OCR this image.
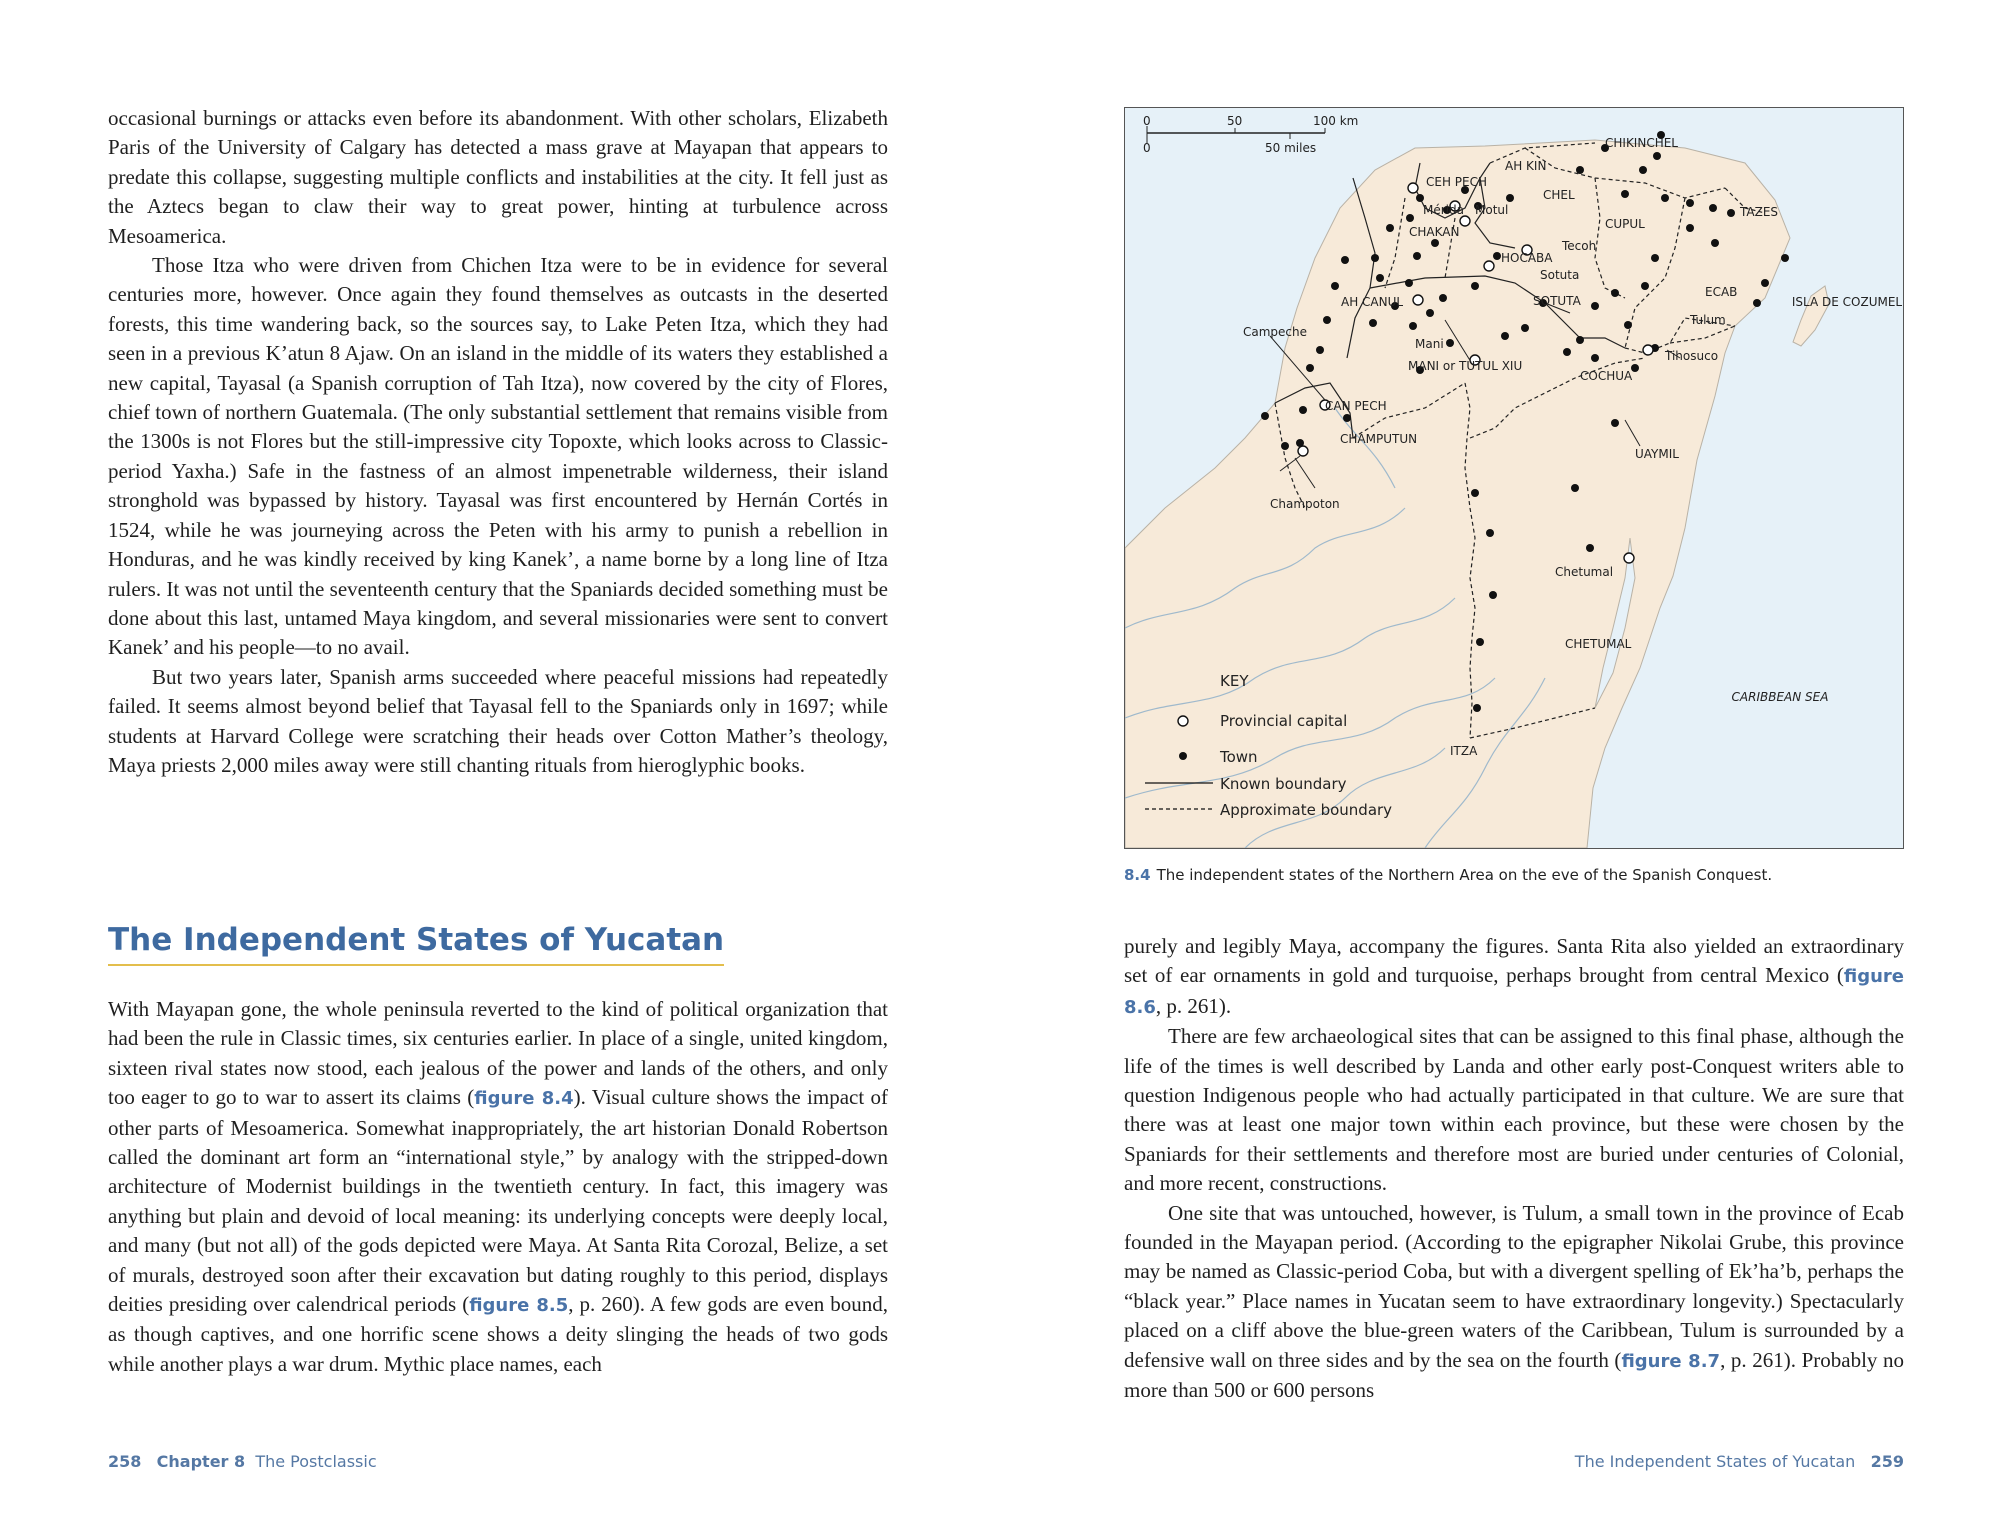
occasional burnings or attacks even before its abandonment. With other scholars, Elizabeth Paris of the University of Calgary has detected a mass grave at Mayapan that appears to predate this collapse, suggesting multiple conflicts and instabilities at the city. It fell just as the Aztecs began to claw their way to great power, hinting at turbulence across Mesoamerica.

Those Itza who were driven from Chichen Itza were to be in evidence for several centuries more, however. Once again they found themselves as outcasts in the deserted forests, this time wandering back, so the sources say, to Lake Peten Itza, which they had seen in a previous K’atun 8 Ajaw. On an island in the middle of its waters they established a new capital, Tayasal (a Spanish corruption of Tah Itza), now covered by the city of Flores, chief town of northern Guatemala. (The only substantial settlement that remains visible from the 1300s is not Flores but the still-impressive city Topoxte, which looks across to Classic-period Yaxha.) Safe in the fastness of an almost impenetrable wilderness, their island stronghold was bypassed by history. Tayasal was first encountered by Hernán Cortés in 1524, while he was journeying across the Peten with his army to punish a rebellion in Honduras, and he was kindly received by king Kanek’, a name borne by a long line of Itza rulers. It was not until the seventeenth century that the Spaniards decided something must be done about this last, untamed Maya kingdom, and several missionaries were sent to convert Kanek’ and his people—to no avail.

But two years later, Spanish arms succeeded where peaceful missions had repeatedly failed. It seems almost beyond belief that Tayasal fell to the Spaniards only in 1697; while students at Harvard College were scratching their heads over Cotton Mather’s theology, Maya priests 2,000 miles away were still chanting rituals from hieroglyphic books.

The Independent States of Yucatan

With Mayapan gone, the whole peninsula reverted to the kind of political organization that had been the rule in Classic times, six centuries earlier. In place of a single, united kingdom, sixteen rival states now stood, each jealous of the power and lands of the others, and only too eager to go to war to assert its claims (figure 8.4). Visual culture shows the impact of other parts of Mesoamerica. Somewhat inappropriately, the art historian Donald Robertson called the dominant art form an “international style,” by analogy with the stripped-down architecture of Modernist buildings in the twentieth century. In fact, this imagery was anything but plain and devoid of local meaning: its underlying concepts were deeply local, and many (but not all) of the gods depicted were Maya. At Santa Rita Corozal, Belize, a set of murals, destroyed soon after their excavation but dating roughly to this period, displays deities presiding over calendrical periods (figure 8.5, p. 260). A few gods are even bound, as though captives, and one horrific scene shows a deity slinging the heads of two gods while another plays a war drum. Mythic place names, each

258 Chapter 8 The Postclassic
0	50	100 km
0	50 miles	CHIKINCHEL
AH KIN
CEH PECH
CHEL
CHAKAN
HOCABA
CUPUL
TAZES
ECAB
AH CANUL	SOTUTA
MANI or TUTUL XIU
COCHUA
CAN PECH
CHAMPUTUN
UAYMIL
CHETUMAL
ITZA
Mérida Motul
Tecoh
Sotuta
Mani
Tulum
Tihosuco
Campeche
Champoton
Chetumal
ISLA DE COZUMEL
CARIBBEAN SEA
KEY
Provincial capital
Town
Known boundary
Approximate boundary
8.4 The independent states of the Northern Area on the eve of the Spanish Conquest.

purely and legibly Maya, accompany the figures. Santa Rita also yielded an extraordinary set of ear ornaments in gold and turquoise, perhaps brought from central Mexico (figure 8.6, p. 261).

There are few archaeological sites that can be assigned to this final phase, although the life of the times is well described by Landa and other early post-Conquest writers able to question Indigenous people who had actually participated in that culture. We are sure that there was at least one major town within each province, but these were chosen by the Spaniards for their settlements and therefore most are buried under centuries of Colonial, and more recent, constructions.

One site that was untouched, however, is Tulum, a small town in the province of Ecab founded in the Mayapan period. (According to the epigrapher Nikolai Grube, this province may be named as Classic-period Coba, but with a divergent spelling of Ek’ha’b, perhaps the “black year.” Place names in Yucatan seem to have extraordinary longevity.) Spectacularly placed on a cliff above the blue-green waters of the Caribbean, Tulum is surrounded by a defensive wall on three sides and by the sea on the fourth (figure 8.7, p. 261). Probably no more than 500 or 600 persons

The Independent States of Yucatan 259
